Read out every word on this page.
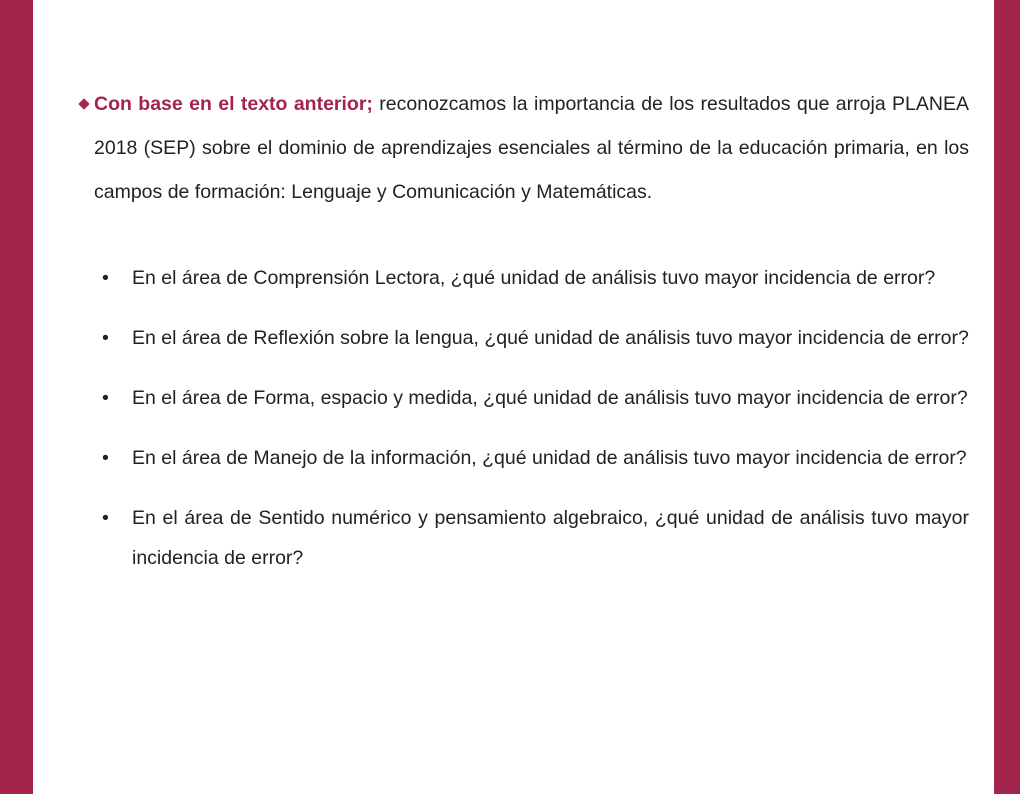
Con base en el texto anterior; reconozcamos la importancia de los resultados que arroja PLANEA 2018 (SEP) sobre el dominio de aprendizajes esenciales al término de la educación primaria, en los campos de formación: Lenguaje y Comunicación y Matemáticas.
• En el área de Comprensión Lectora, ¿qué unidad de análisis tuvo mayor incidencia de error?
• En el área de Reflexión sobre la lengua, ¿qué unidad de análisis tuvo mayor incidencia de error?
• En el área de Forma, espacio y medida, ¿qué unidad de análisis tuvo mayor incidencia de error?
• En el área de Manejo de la información, ¿qué unidad de análisis tuvo mayor incidencia de error?
• En el área de Sentido numérico y pensamiento algebraico, ¿qué unidad de análisis tuvo mayor incidencia de error?
